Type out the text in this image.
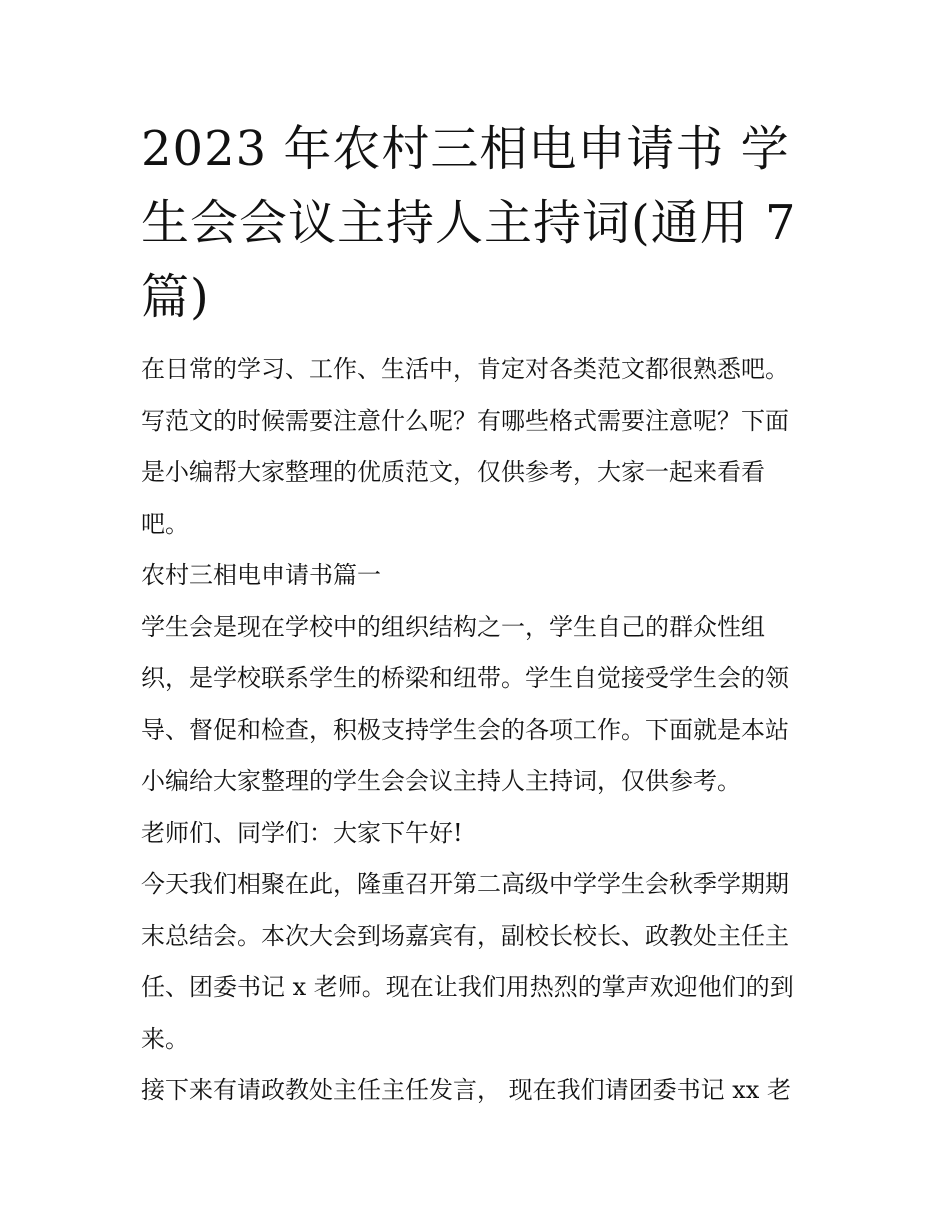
2023 年农村三相电申请书 学
生会会议主持人主持词(通用 7
篇)

在日常的学习、工作、生活中，肯定对各类范文都很熟悉吧。
写范文的时候需要注意什么呢？有哪些格式需要注意呢？下面
是小编帮大家整理的优质范文，仅供参考，大家一起来看看
吧。

农村三相电申请书篇一

学生会是现在学校中的组织结构之一，学生自己的群众性组
织，是学校联系学生的桥梁和纽带。学生自觉接受学生会的领
导、督促和检查，积极支持学生会的各项工作。下面就是本站
小编给大家整理的学生会会议主持人主持词，仅供参考。

老师们、同学们：大家下午好!

今天我们相聚在此，隆重召开第二高级中学学生会秋季学期期
末总结会。本次大会到场嘉宾有，副校长校长、政教处主任主
任、团委书记 x 老师。现在让我们用热烈的掌声欢迎他们的到
来。

接下来有请政教处主任主任发言， 现在我们请团委书记 xx 老
